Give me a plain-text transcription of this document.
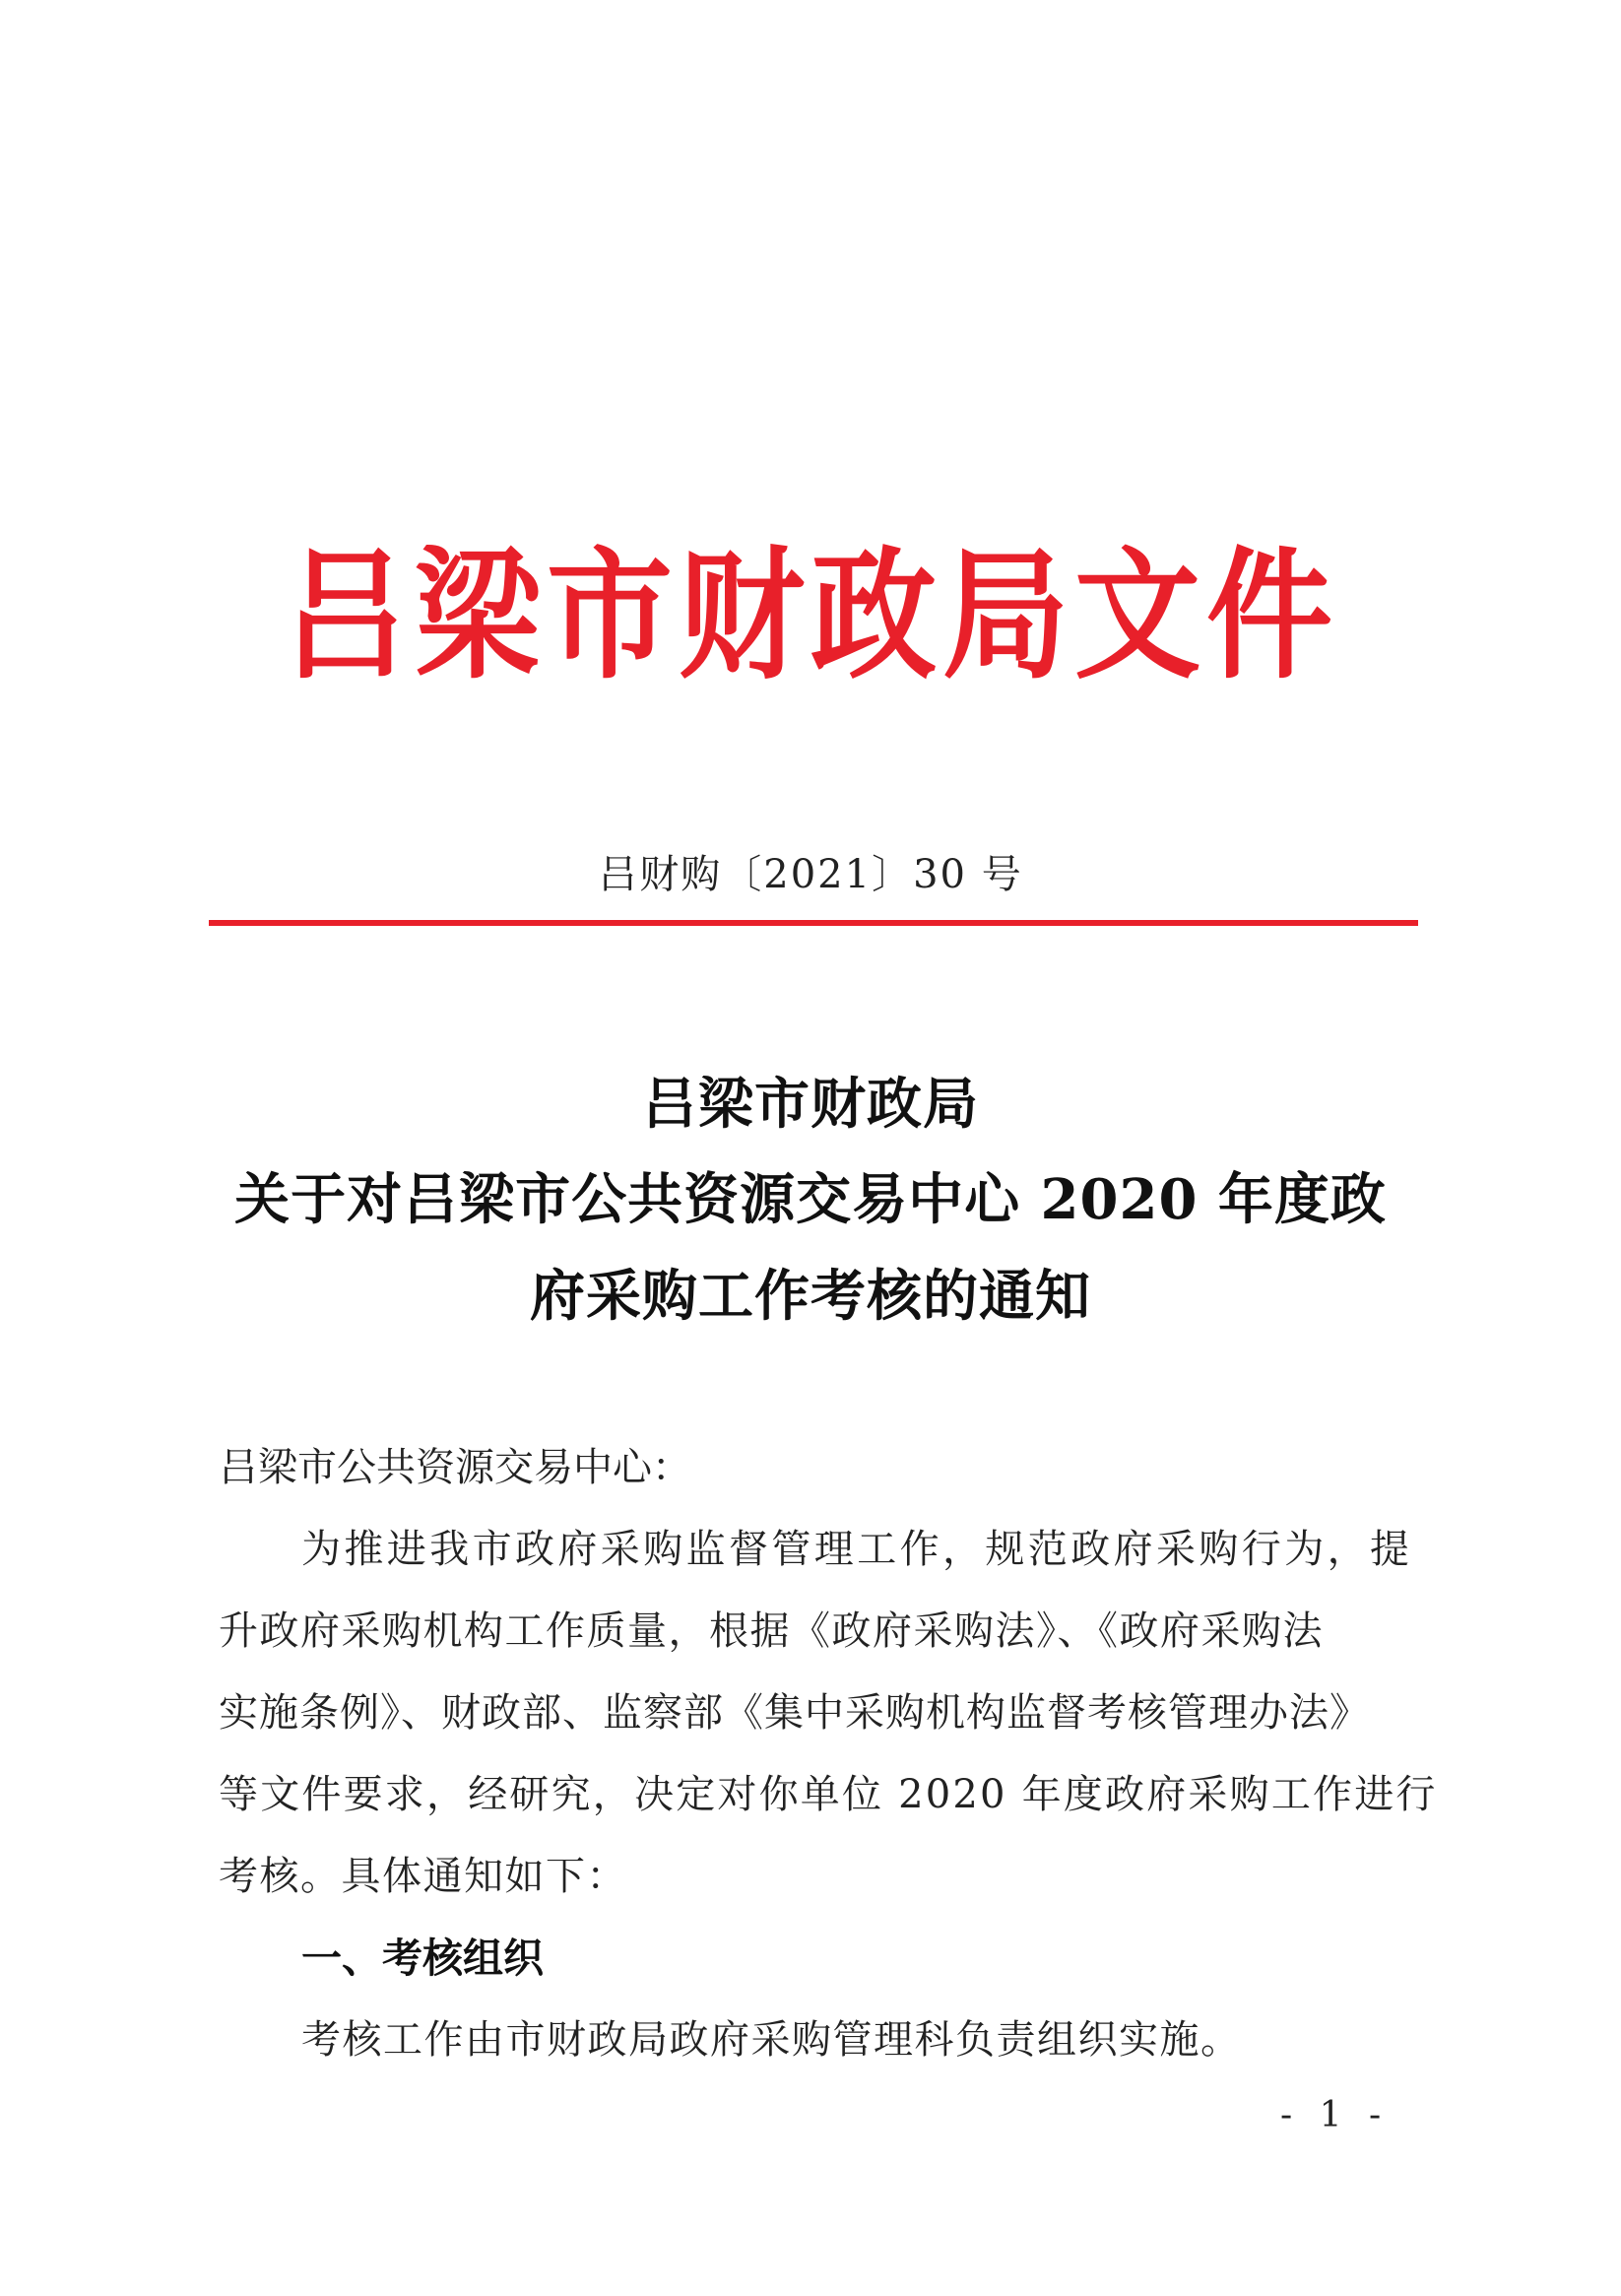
吕梁市财政局文件
吕财购〔2021〕30 号
吕梁市财政局
关于对吕梁市公共资源交易中心 2020 年度政
府采购工作考核的通知
吕梁市公共资源交易中心：
为推进我市政府采购监督管理工作，规范政府采购行为，提
升政府采购机构工作质量，根据《政府采购法》、《政府采购法
实施条例》、财政部、监察部《集中采购机构监督考核管理办法》
等文件要求，经研究，决定对你单位 2020 年度政府采购工作进行
考核。具体通知如下：
一、考核组织
考核工作由市财政局政府采购管理科负责组织实施。
- 1 -
